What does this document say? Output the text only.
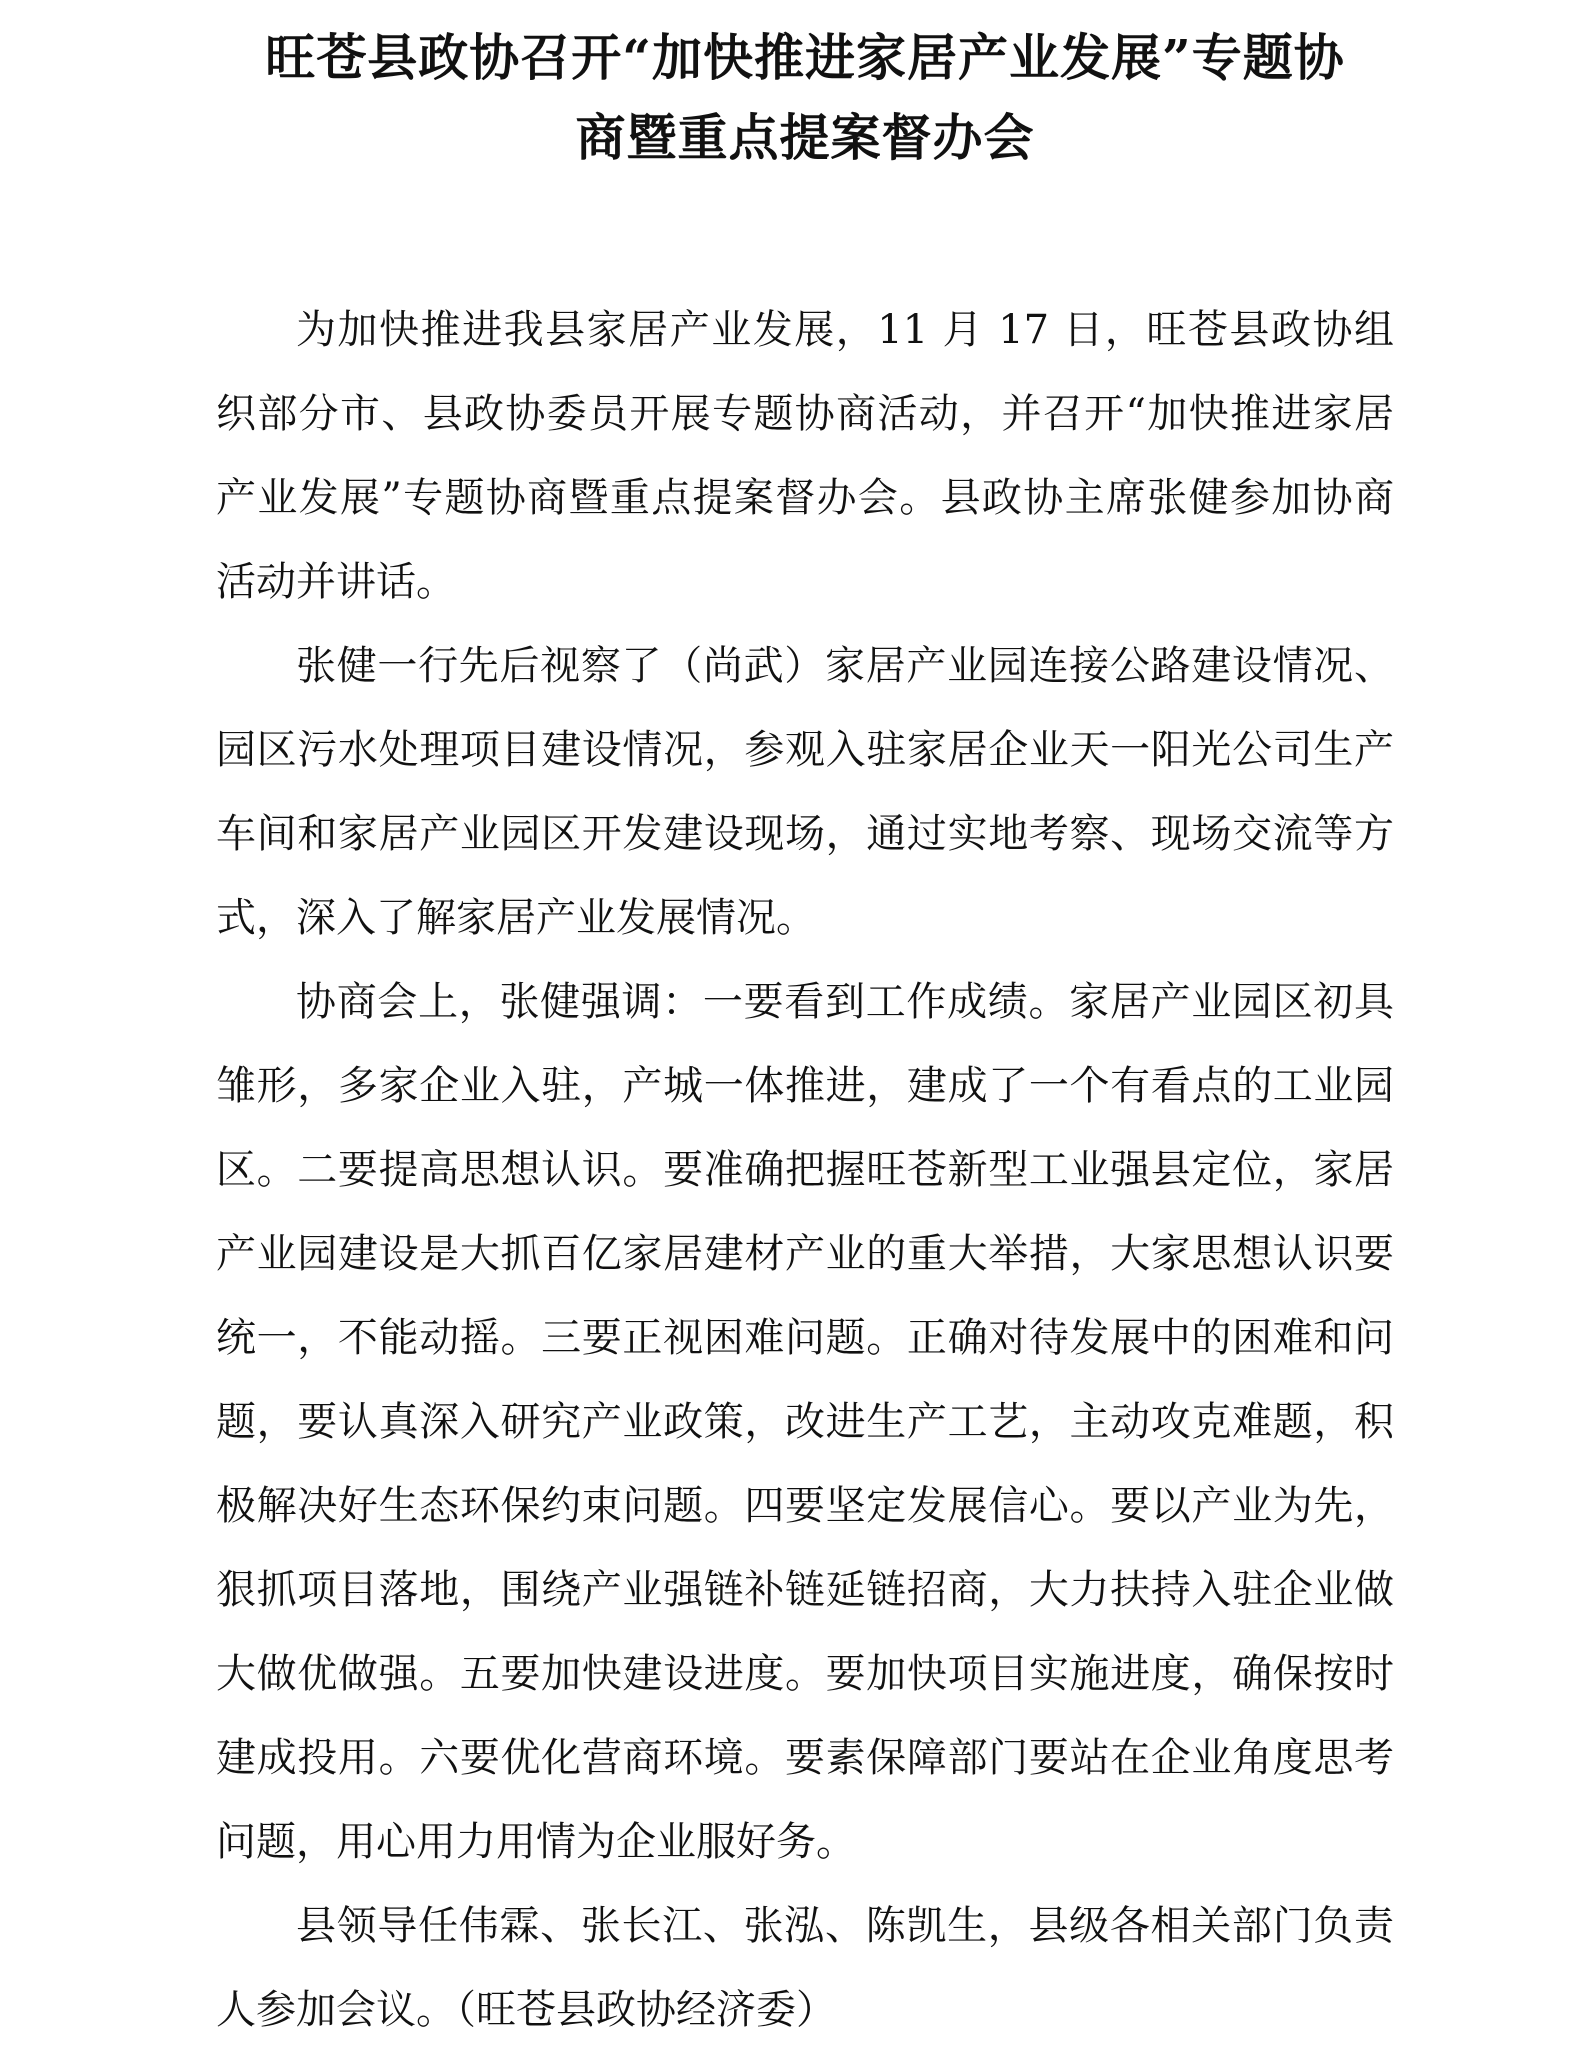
旺苍县政协召开“加快推进家居产业发展”专题协
商暨重点提案督办会

为加快推进我县家居产业发展，11 月 17 日，旺苍县政协组织部分市、县政协委员开展专题协商活动，并召开“加快推进家居产业发展”专题协商暨重点提案督办会。县政协主席张健参加协商活动并讲话。

张健一行先后视察了（尚武）家居产业园连接公路建设情况、园区污水处理项目建设情况，参观入驻家居企业天一阳光公司生产车间和家居产业园区开发建设现场，通过实地考察、现场交流等方式，深入了解家居产业发展情况。

协商会上，张健强调：一要看到工作成绩。家居产业园区初具雏形，多家企业入驻，产城一体推进，建成了一个有看点的工业园区。二要提高思想认识。要准确把握旺苍新型工业强县定位，家居产业园建设是大抓百亿家居建材产业的重大举措，大家思想认识要统一，不能动摇。三要正视困难问题。正确对待发展中的困难和问题，要认真深入研究产业政策，改进生产工艺，主动攻克难题，积极解决好生态环保约束问题。四要坚定发展信心。要以产业为先，狠抓项目落地，围绕产业强链补链延链招商，大力扶持入驻企业做大做优做强。五要加快建设进度。要加快项目实施进度，确保按时建成投用。六要优化营商环境。要素保障部门要站在企业角度思考问题，用心用力用情为企业服好务。

县领导任伟霖、张长江、张泓、陈凯生，县级各相关部门负责人参加会议。（旺苍县政协经济委）
